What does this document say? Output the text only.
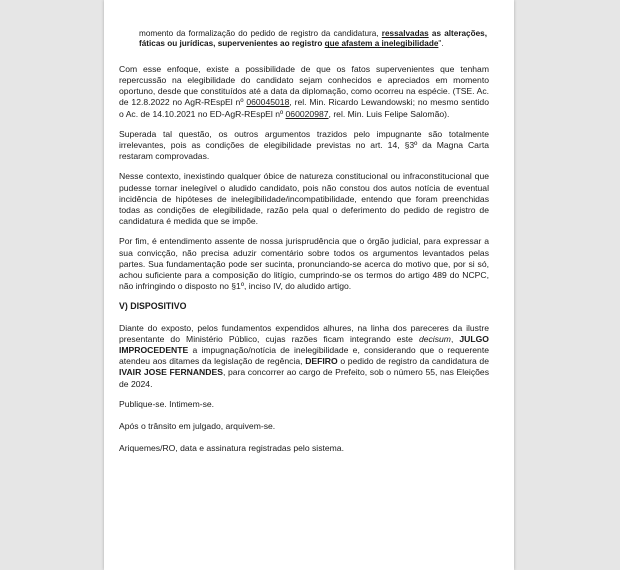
momento da formalização do pedido de registro da candidatura, ressalvadas as alterações, fáticas ou jurídicas, supervenientes ao registro que afastem a inelegibilidade".

Com esse enfoque, existe a possibilidade de que os fatos supervenientes que tenham repercussão na elegibilidade do candidato sejam conhecidos e apreciados em momento oportuno, desde que constituídos até a data da diplomação, como ocorreu na espécie. (TSE. Ac. de 12.8.2022 no AgR-REspEl nº 060045018, rel. Min. Ricardo Lewandowski; no mesmo sentido o Ac. de 14.10.2021 no ED-AgR-REspEl nº 060020987, rel. Min. Luis Felipe Salomão).

Superada tal questão, os outros argumentos trazidos pelo impugnante são totalmente irrelevantes, pois as condições de elegibilidade previstas no art. 14, §3º da Magna Carta restaram comprovadas.

Nesse contexto, inexistindo qualquer óbice de natureza constitucional ou infraconstitucional que pudesse tornar inelegível o aludido candidato, pois não constou dos autos notícia de eventual incidência de hipóteses de inelegibilidade/incompatibilidade, entendo que foram preenchidas todas as condições de elegibilidade, razão pela qual o deferimento do pedido de registro de candidatura é medida que se impõe.

Por fim, é entendimento assente de nossa jurisprudência que o órgão judicial, para expressar a sua convicção, não precisa aduzir comentário sobre todos os argumentos levantados pelas partes. Sua fundamentação pode ser sucinta, pronunciando-se acerca do motivo que, por si só, achou suficiente para a composição do litígio, cumprindo-se os termos do artigo 489 do NCPC, não infringindo o disposto no §1º, inciso IV, do aludido artigo.

V) DISPOSITIVO

Diante do exposto, pelos fundamentos expendidos alhures, na linha dos pareceres da ilustre presentante do Ministério Público, cujas razões ficam integrando este decisum, JULGO IMPROCEDENTE a impugnação/notícia de inelegibilidade e, considerando que o requerente atendeu aos ditames da legislação de regência, DEFIRO o pedido de registro da candidatura de IVAIR JOSE FERNANDES, para concorrer ao cargo de Prefeito, sob o número 55, nas Eleições de 2024.

Publique-se. Intimem-se.

Após o trânsito em julgado, arquivem-se.

Ariquemes/RO, data e assinatura registradas pelo sistema.
